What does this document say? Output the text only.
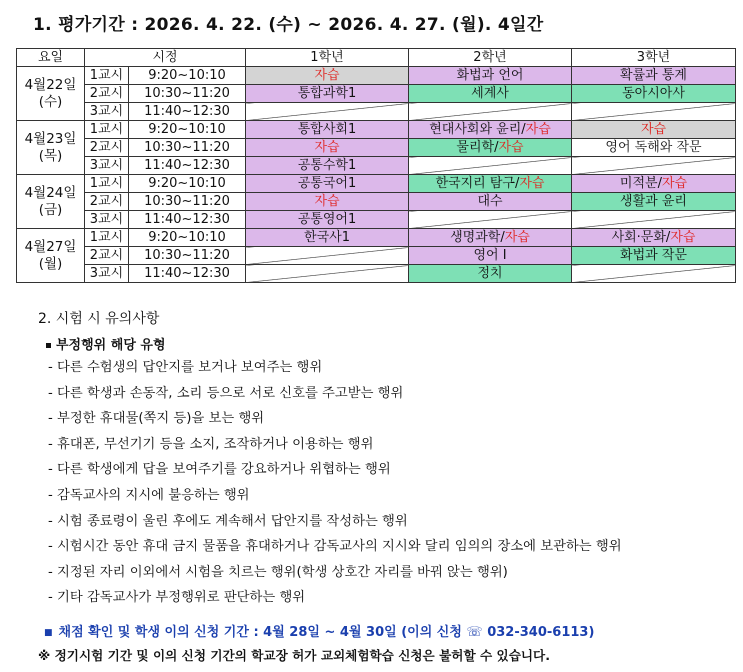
1. 평가기간 : 2026. 4. 22. (수) ~ 2026. 4. 27. (월). 4일간
요일	시정		1학년	2학년	3학년
4월22일(수)	1교시	9:20~10:10	자습	화법과 언어	확률과 통계
	2교시	10:30~11:20	통합과학1	세계사	동아시아사
	3교시	11:40~12:30			
4월23일(목)	1교시	9:20~10:10	통합사회1	현대사회와 윤리/자습	자습
	2교시	10:30~11:20	자습	물리학/자습	영어 독해와 작문
	3교시	11:40~12:30	공통수학1		
4월24일(금)	1교시	9:20~10:10	공통국어1	한국지리 탐구/자습	미적분/자습
	2교시	10:30~11:20	자습	대수	생활과 윤리
	3교시	11:40~12:30	공통영어1		
4월27일(월)	1교시	9:20~10:10	한국사1	생명과학/자습	사회·문화/자습
	2교시	10:30~11:20		영어 I	화법과 작문
	3교시	11:40~12:30		정치	
2. 시험 시 유의사항
부정행위 해당 유형
- 다른 수험생의 답안지를 보거나 보여주는 행위
- 다른 학생과 손동작, 소리 등으로 서로 신호를 주고받는 행위
- 부정한 휴대물(쪽지 등)을 보는 행위
- 휴대폰, 무선기기 등을 소지, 조작하거나 이용하는 행위
- 다른 학생에게 답을 보여주기를 강요하거나 위협하는 행위
- 감독교사의 지시에 불응하는 행위
- 시험 종료령이 울린 후에도 계속해서 답안지를 작성하는 행위
- 시험시간 동안 휴대 금지 물품을 휴대하거나 감독교사의 지시와 달리 임의의 장소에 보관하는 행위
- 지정된 자리 이외에서 시험을 치르는 행위(학생 상호간 자리를 바꿔 앉는 행위)
- 기타 감독교사가 부정행위로 판단하는 행위
■ 채점 확인 및 학생 이의 신청 기간 : 4월 28일 ~ 4월 30일 (이의 신청 ☏ 032-340-6113)
※ 정기시험 기간 및 이의 신청 기간의 학교장 허가 교외체험학습 신청은 불허할 수 있습니다.
